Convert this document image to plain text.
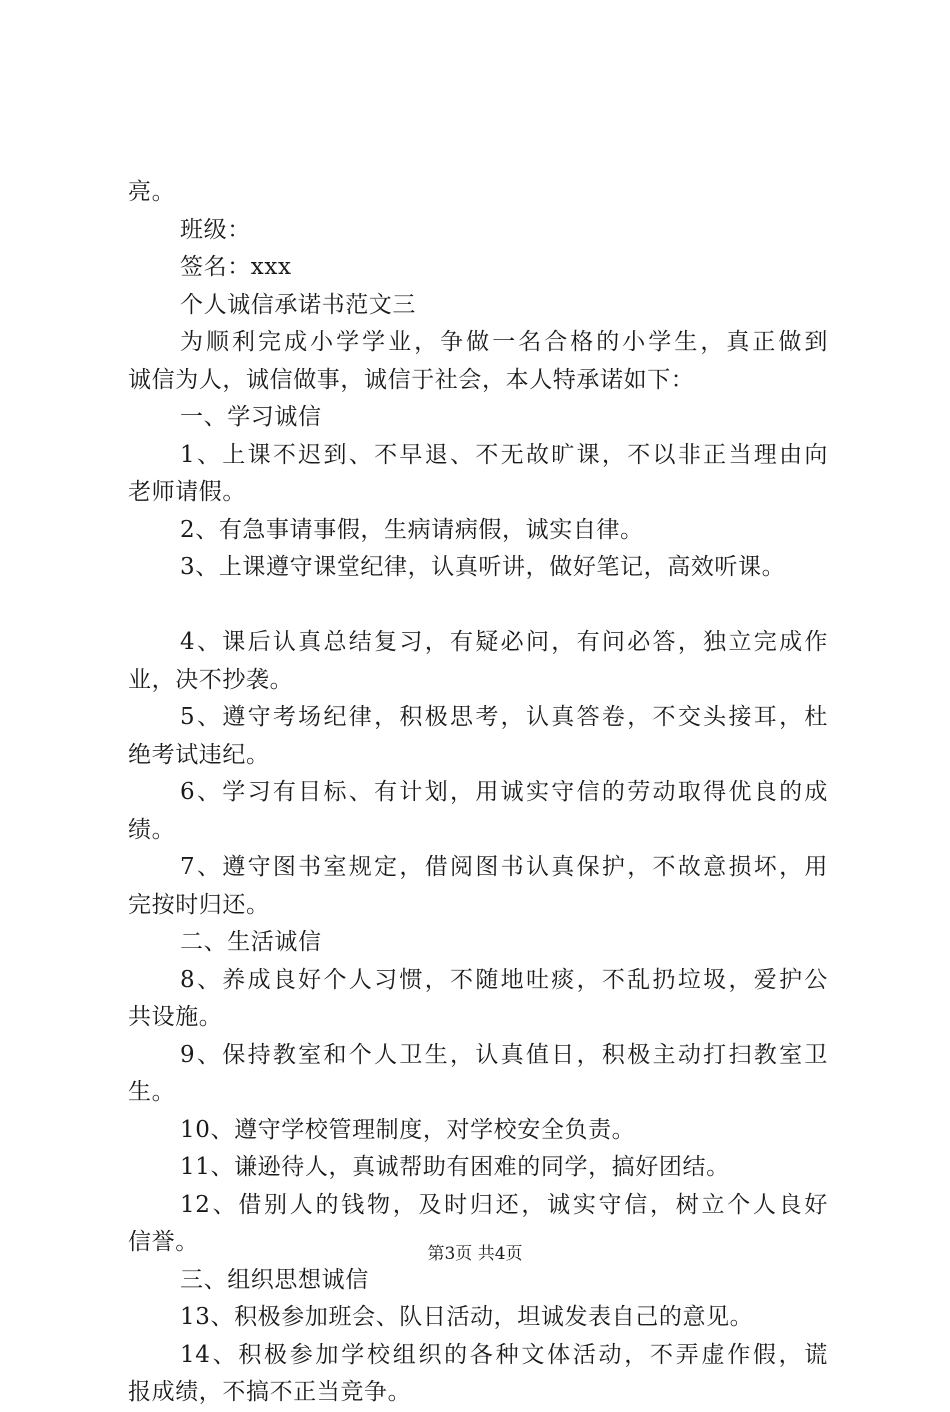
亮。
班级：
签名：xxx
个人诚信承诺书范文三
为顺利完成小学学业，争做一名合格的小学生，真正做到
诚信为人，诚信做事，诚信于社会，本人特承诺如下：
一、学习诚信
1、上课不迟到、不早退、不无故旷课，不以非正当理由向
老师请假。
2、有急事请事假，生病请病假，诚实自律。
3、上课遵守课堂纪律，认真听讲，做好笔记，高效听课。
4、课后认真总结复习，有疑必问，有问必答，独立完成作
业，决不抄袭。
5、遵守考场纪律，积极思考，认真答卷，不交头接耳，杜
绝考试违纪。
6、学习有目标、有计划，用诚实守信的劳动取得优良的成
绩。
7、遵守图书室规定，借阅图书认真保护，不故意损坏，用
完按时归还。
二、生活诚信
8、养成良好个人习惯，不随地吐痰，不乱扔垃圾，爱护公
共设施。
9、保持教室和个人卫生，认真值日，积极主动打扫教室卫
生。
10、遵守学校管理制度，对学校安全负责。
11、谦逊待人，真诚帮助有困难的同学，搞好团结。
12、借别人的钱物，及时归还，诚实守信，树立个人良好
信誉。
三、组织思想诚信
13、积极参加班会、队日活动，坦诚发表自己的意见。
14、积极参加学校组织的各种文体活动，不弄虚作假，谎
报成绩，不搞不正当竞争。
第3页 共4页
